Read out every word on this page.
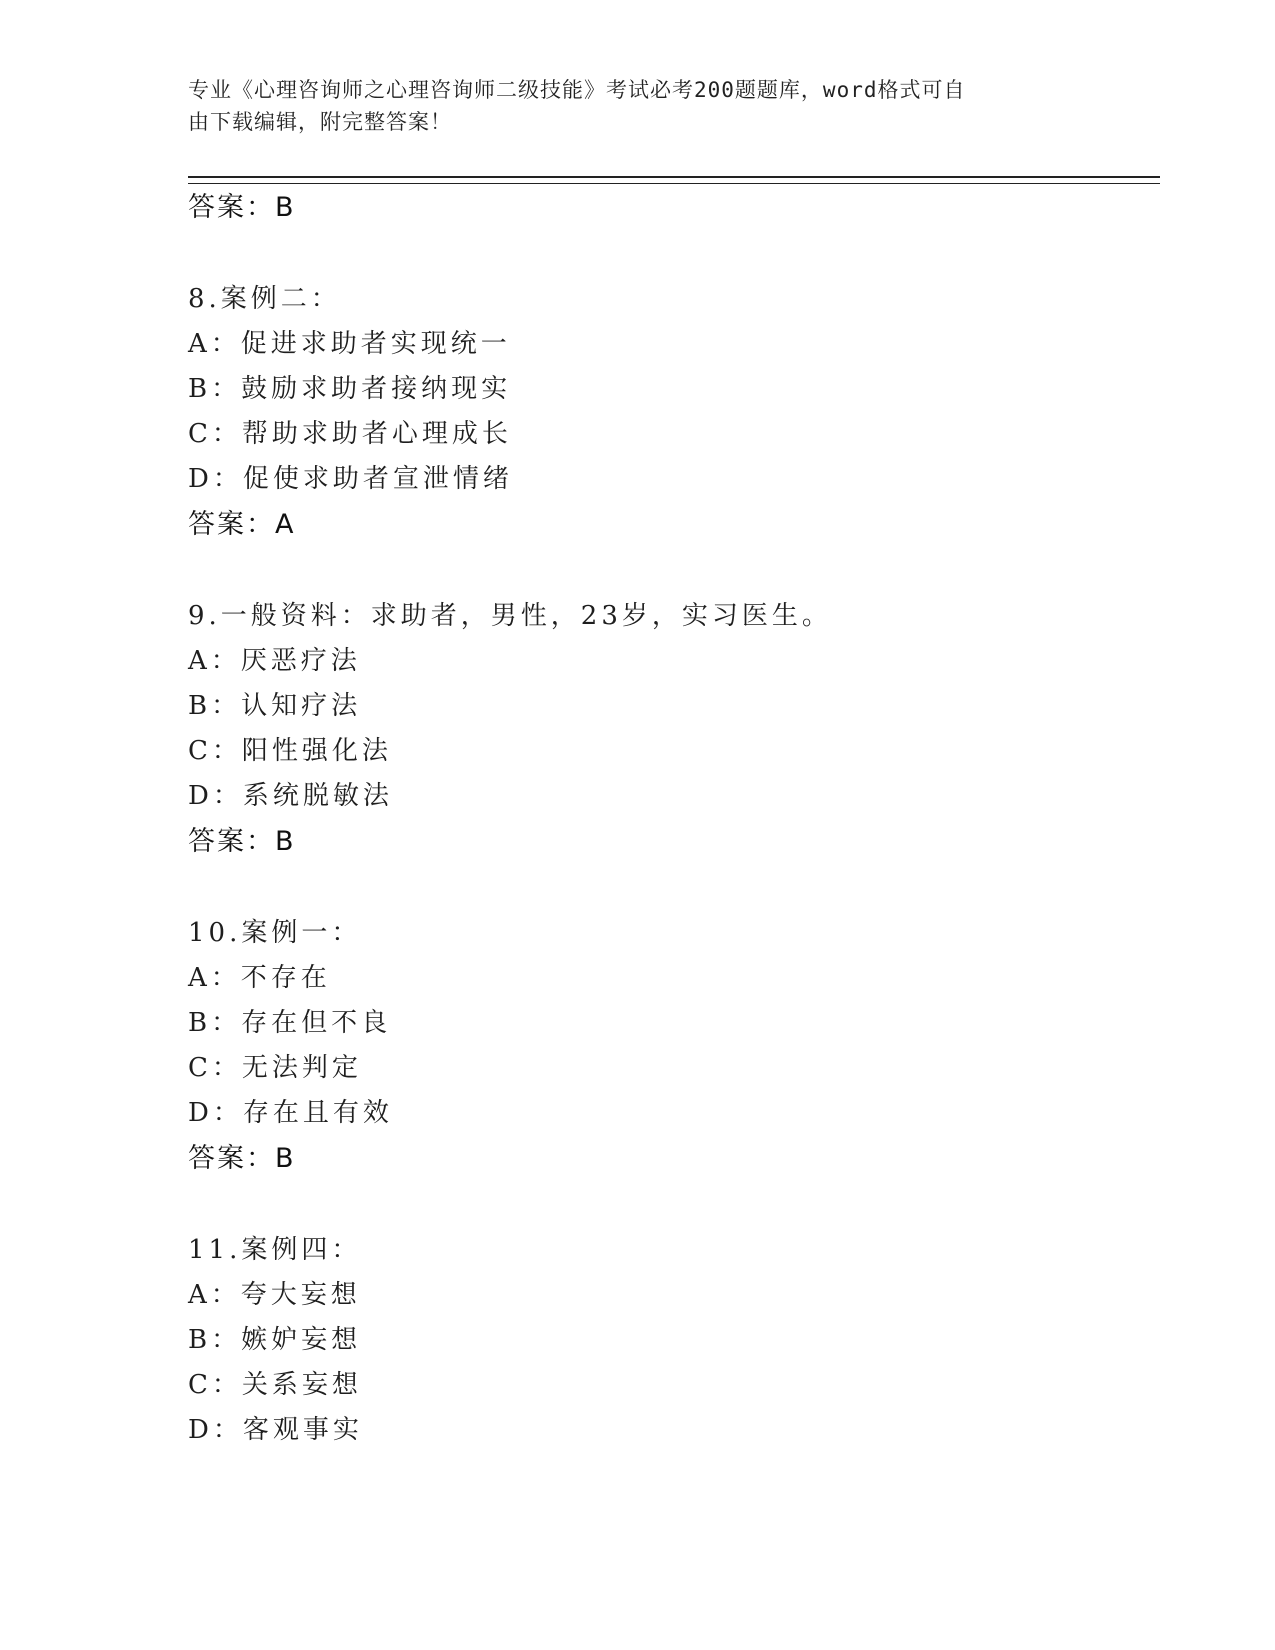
专业《心理咨询师之心理咨询师二级技能》考试必考200题题库，word格式可自
由下载编辑，附完整答案！
答案：B
8.案例二：
A：促进求助者实现统一
B：鼓励求助者接纳现实
C：帮助求助者心理成长
D：促使求助者宣泄情绪
答案：A
9.一般资料：求助者，男性，23岁，实习医生。
A：厌恶疗法
B：认知疗法
C：阳性强化法
D：系统脱敏法
答案：B
10.案例一：
A：不存在
B：存在但不良
C：无法判定
D：存在且有效
答案：B
11.案例四：
A：夸大妄想
B：嫉妒妄想
C：关系妄想
D：客观事实
